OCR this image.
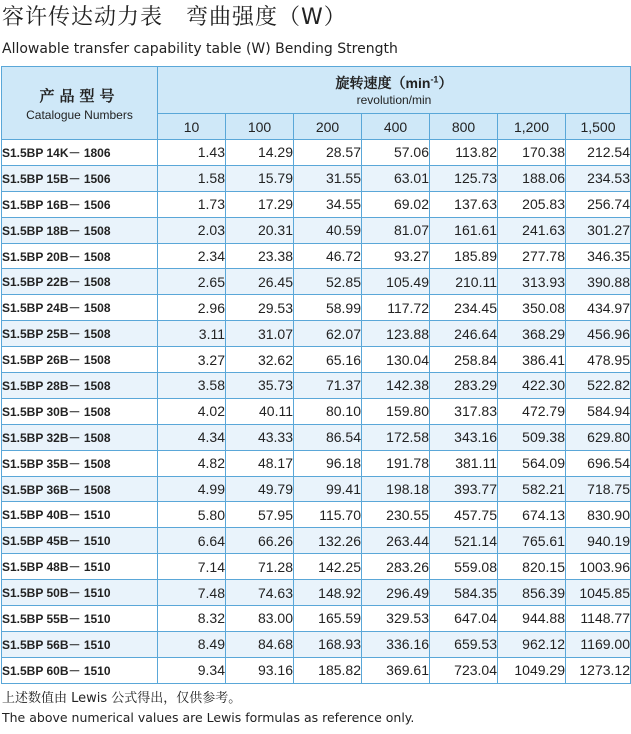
容许传达动力表　弯曲强度（W）
Allowable transfer capability table (W) Bending Strength
产品型号
Catalogue Numbers	旋转速度$(\min^{-1})$
revolution/min						

	10	100	200	400	800	1,200	1,500
S1.5BP 14K－ 1806	1.43	14.29	28.57	57.06	113.82	170.38	212.54
S1.5BP 15B－ 1506	1.58	15.79	31.55	63.01	125.73	188.06	234.53
S1.5BP 16B－ 1506	1.73	17.29	34.55	69.02	137.63	205.83	256.74
S1.5BP 18B－ 1508	2.03	20.31	40.59	81.07	161.61	241.63	301.27
S1.5BP 20B－ 1508	2.34	23.38	46.72	93.27	185.89	277.78	346.35
S1.5BP 22B－ 1508	2.65	26.45	52.85	105.49	210.11	313.93	390.88
S1.5BP 24B－ 1508	2.96	29.53	58.99	117.72	234.45	350.08	434.97
S1.5BP 25B－ 1508	3.11	31.07	62.07	123.88	246.64	368.29	456.96
S1.5BP 26B－ 1508	3.27	32.62	65.16	130.04	258.84	386.41	478.95
S1.5BP 28B－ 1508	3.58	35.73	71.37	142.38	283.29	422.30	522.82
S1.5BP 30B－ 1508	4.02	40.11	80.10	159.80	317.83	472.79	584.94
S1.5BP 32B－ 1508	4.34	43.33	86.54	172.58	343.16	509.38	629.80
S1.5BP 35B－ 1508	4.82	48.17	96.18	191.78	381.11	564.09	696.54
S1.5BP 36B－ 1508	4.99	49.79	99.41	198.18	393.77	582.21	718.75
S1.5BP 40B－ 1510	5.80	57.95	115.70	230.55	457.75	674.13	830.90
S1.5BP 45B－ 1510	6.64	66.26	132.26	263.44	521.14	765.61	940.19
S1.5BP 48B－ 1510	7.14	71.28	142.25	283.26	559.08	820.15	1003.96
S1.5BP 50B－ 1510	7.48	74.63	148.92	296.49	584.35	856.39	1045.85
S1.5BP 55B－ 1510	8.32	83.00	165.59	329.53	647.04	944.88	1148.77
S1.5BP 56B－ 1510	8.49	84.68	168.93	336.16	659.53	962.12	1169.00
S1.5BP 60B－ 1510	9.34	93.16	185.82	369.61	723.04	1049.29	1273.12
上述数值由 Lewis 公式得出，仅供参考。
The above numerical values are Lewis formulas as reference only.
